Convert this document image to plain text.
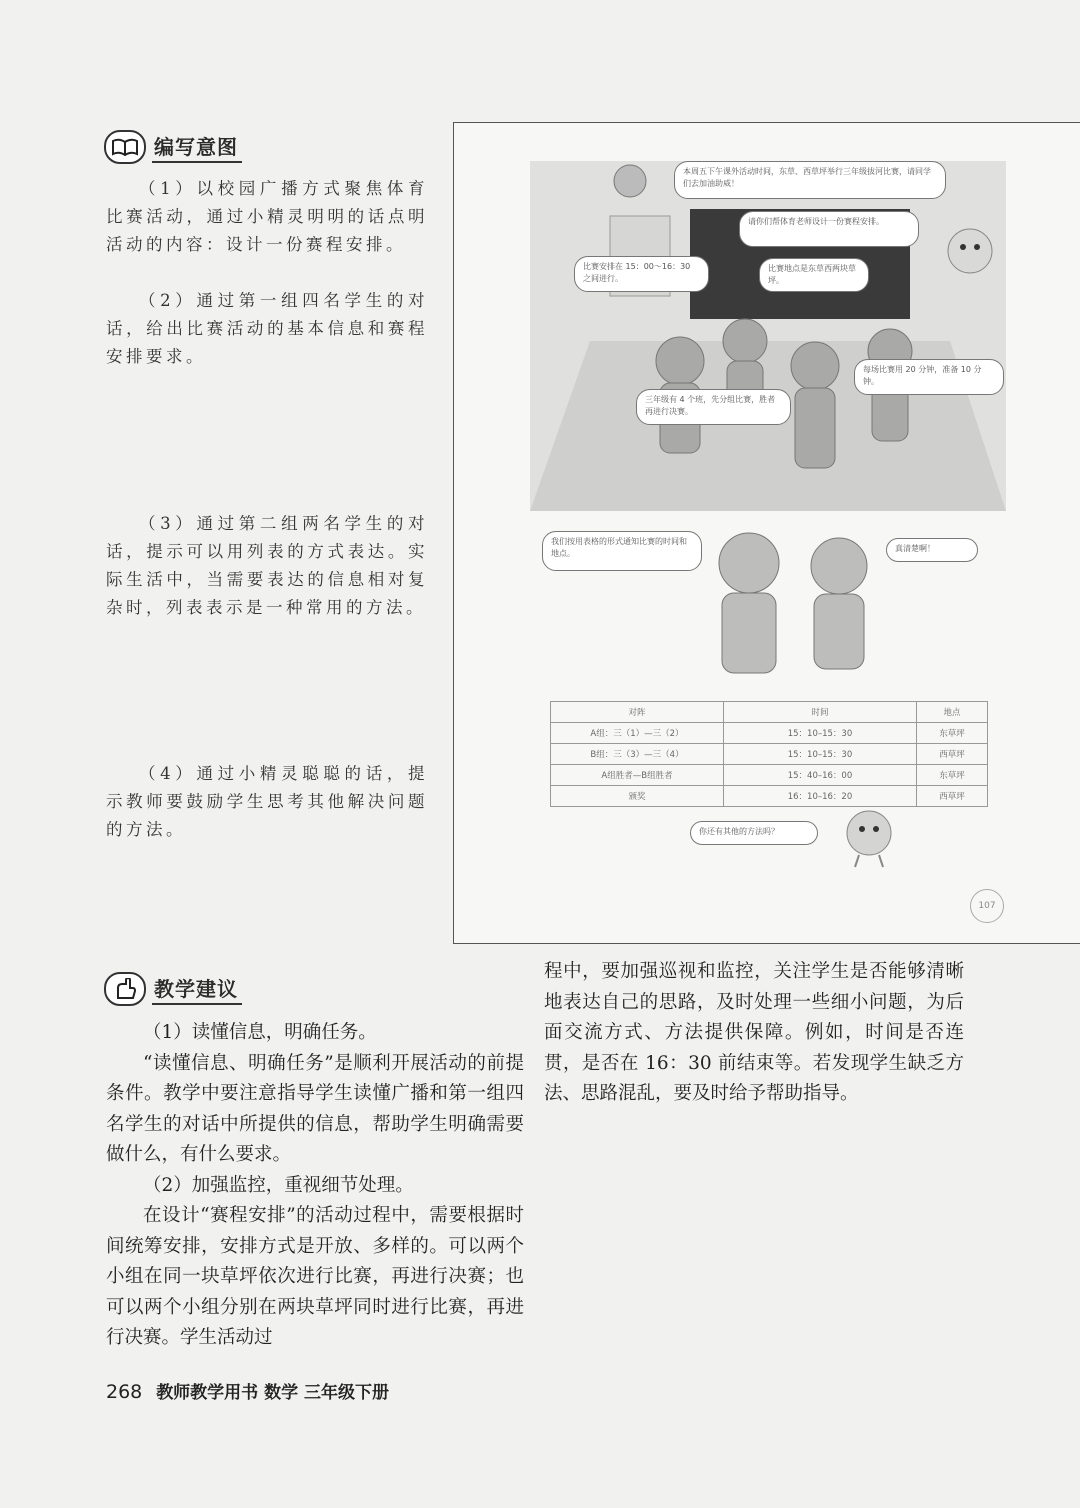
编写意图
（1）以校园广播方式聚焦体育比赛活动，通过小精灵明明的话点明活动的内容：设计一份赛程安排。
（2）通过第一组四名学生的对话，给出比赛活动的基本信息和赛程安排要求。
（3）通过第二组两名学生的对话，提示可以用列表的方式表达。实际生活中，当需要表达的信息相对复杂时，列表表示是一种常用的方法。
（4）通过小精灵聪聪的话，提示教师要鼓励学生思考其他解决问题的方法。
本周五下午课外活动时间，东草、西草坪举行三年级拔河比赛，请同学们去加油助威！
请你们帮体育老师设计一份赛程安排。
比赛安排在 15：00～16：30 之间进行。
比赛地点是东草西两块草坪。
每场比赛用 20 分钟，准备 10 分钟。
三年级有 4 个班，先分组比赛，胜者再进行决赛。
我们按用表格的形式通知比赛的时间和地点。
真清楚啊！
对阵	时间	地点
A组：三（1）—三（2）	15：10–15：30	东草坪
B组：三（3）—三（4）	15：10–15：30	西草坪
A组胜者—B组胜者	15：40–16：00	东草坪
颁奖	16：10–16：20	西草坪
你还有其他的方法吗？
107
教学建议

（1）读懂信息，明确任务。

“读懂信息、明确任务”是顺利开展活动的前提条件。教学中要注意指导学生读懂广播和第一组四名学生的对话中所提供的信息，帮助学生明确需要做什么，有什么要求。

（2）加强监控，重视细节处理。

在设计“赛程安排”的活动过程中，需要根据时间统筹安排，安排方式是开放、多样的。可以两个小组在同一块草坪依次进行比赛，再进行决赛；也可以两个小组分别在两块草坪同时进行比赛，再进行决赛。学生活动过

程中，要加强巡视和监控，关注学生是否能够清晰地表达自己的思路，及时处理一些细小问题，为后面交流方式、方法提供保障。例如，时间是否连贯，是否在 16：30 前结束等。若发现学生缺乏方法、思路混乱，要及时给予帮助指导。

268 教师教学用书 数学 三年级下册
